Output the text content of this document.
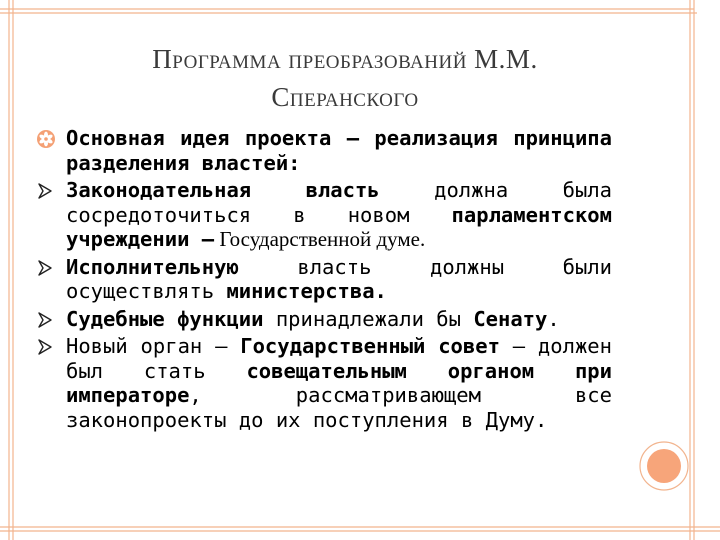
Программа преобразований М.М.
Сперанского
Основная идея проекта – реализация принципа разделения властей:
Законодательная власть должна была сосредоточиться в новом парламентском учреждении – Государственной думе.
Исполнительную власть должны были осуществлять министерства.
Судебные функции принадлежали бы Сенату.
Новый орган – Государственный совет – должен был стать совещательным органом при императоре, рассматривающем все законопроекты до их поступления в Думу.
